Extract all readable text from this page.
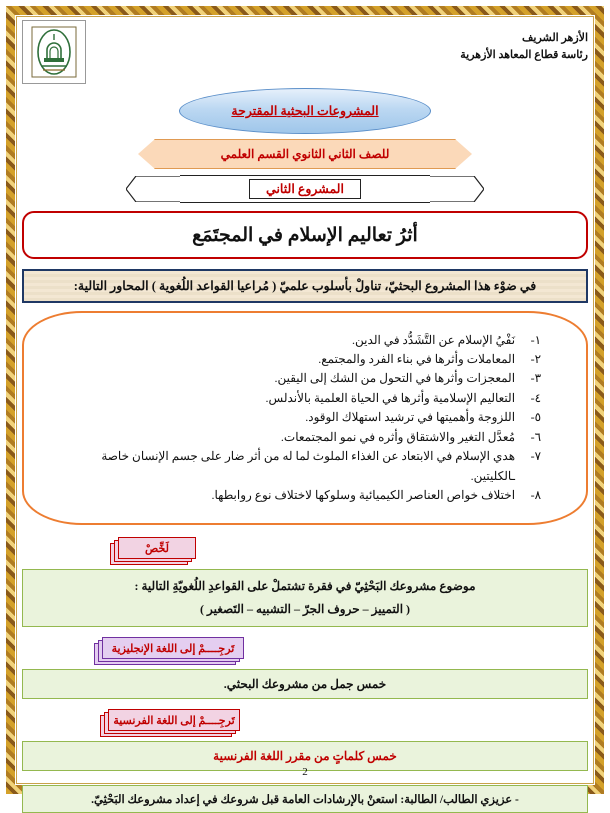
الأزهر الشريف
رئاسة قطاع المعاهد الأزهرية
المشروعات البحثية المقترحة
للصف الثاني الثانوي القسم العلمي
المشروع الثاني
أثرُ تعاليم الإسلام في المجتَمَع
في ضوْء هذا المشروع البحثيّ، تناولْ بأسلوب علميّ ( مُراعيا القواعد اللُغوية ) المحاور التالية:
١-
نَفْيُ الإسلام عن التَّشَدُّد في الدين.
٢-
المعاملات وأثرها في بناء الفرد والمجتمع.
٣-
المعجزات وأثرها في التحول من الشك إلى اليقين.
٤-
التعاليم الإسلامية وأثرها في الحياة العلمية بالأندلس.
٥-
اللزوجة وأهميتها في ترشيد استهلاك الوقود.
٦-
مُعدَّل التغير والاشتقاق وأثره في نمو المجتمعات.
٧-
هدي الإسلام في الابتعاد عن الغذاء الملوث لما له من أثر ضار على جسم الإنسان خاصة ـالكليتين.
٨-
اختلاف خواص العناصر الكيميائية وسلوكها لاختلاف نوع روابطها.
لَخِّصْ
موضوع مشروعك البَحْثِيّ في فقرة تشتملْ على القواعدِ اللُغويّةِ التالية :
( التمييز – حروف الجرّ – التشبيه – التَصغير )
تَرجِــــمْ إلى اللغة الإنجليزية
خمس جمل من مشروعك البحثي.
تَرجِــــمْ إلى اللغة الفرنسية
خمس كلماتٍ من مقرر اللغة الفرنسية
- عزيزي الطالب/ الطالبة: استعنْ بالإرشادات العامة قبل شروعك في إعداد مشروعك البَحْثِيّ.
2
